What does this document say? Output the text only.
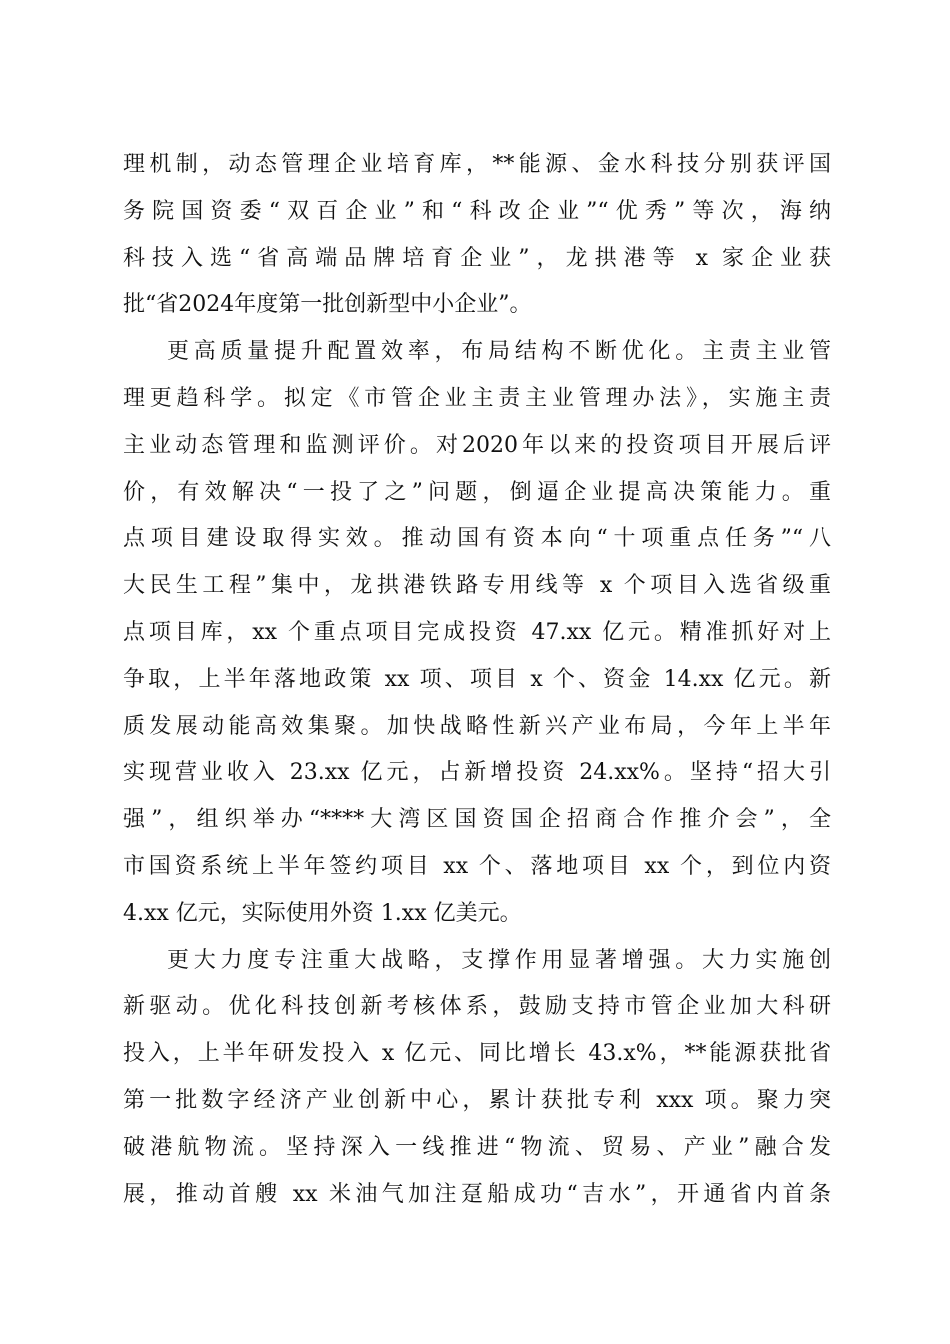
理机制，动态管理企业培育库，**能源、金水科技分别获评国
务院国资委“双百企业”和“科改企业”“优秀”等次，海纳
科技入选“省高端品牌培育企业”，龙拱港等 x 家企业获
批“省2024年度第一批创新型中小企业”。
更高质量提升配置效率，布局结构不断优化。主责主业管
理更趋科学。拟定《市管企业主责主业管理办法》，实施主责
主业动态管理和监测评价。对2020年以来的投资项目开展后评
价，有效解决“一投了之”问题，倒逼企业提高决策能力。重
点项目建设取得实效。推动国有资本向“十项重点任务”“八
大民生工程”集中，龙拱港铁路专用线等 x 个项目入选省级重
点项目库，xx 个重点项目完成投资 47.xx 亿元。精准抓好对上
争取，上半年落地政策 xx 项、项目 x 个、资金 14.xx 亿元。新
质发展动能高效集聚。加快战略性新兴产业布局，今年上半年
实现营业收入 23.xx 亿元，占新增投资 24.xx%。坚持“招大引
强”，组织举办“****大湾区国资国企招商合作推介会”，全
市国资系统上半年签约项目 xx 个、落地项目 xx 个，到位内资
4.xx 亿元，实际使用外资 1.xx 亿美元。
更大力度专注重大战略，支撑作用显著增强。大力实施创
新驱动。优化科技创新考核体系，鼓励支持市管企业加大科研
投入，上半年研发投入 x 亿元、同比增长 43.x%，**能源获批省
第一批数字经济产业创新中心，累计获批专利 xxx 项。聚力突
破港航物流。坚持深入一线推进“物流、贸易、产业”融合发
展，推动首艘 xx 米油气加注趸船成功“吉水”，开通省内首条
